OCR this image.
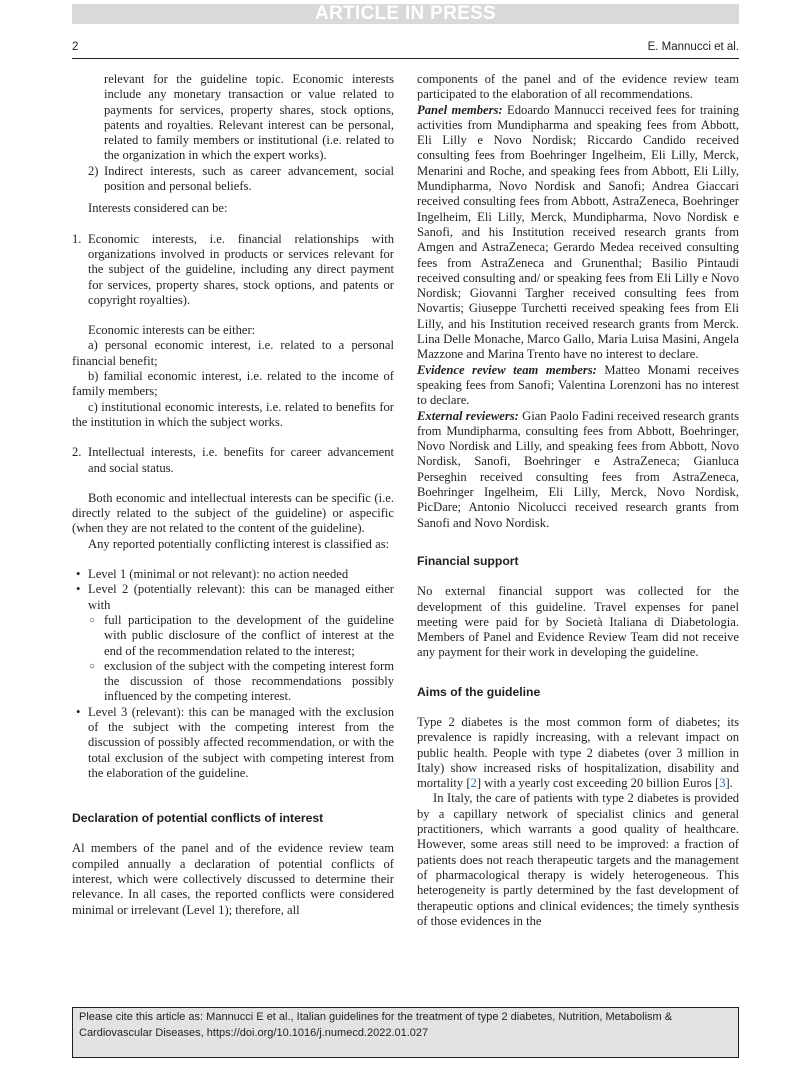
ARTICLE IN PRESS
2	E. Mannucci et al.

relevant for the guideline topic. Economic interests include any monetary transaction or value related to payments for services, property shares, stock options, patents and royalties. Relevant interest can be personal, related to family members or institutional (i.e. related to the organization in which the expert works).

2) Indirect interests, such as career advancement, social position and personal beliefs.

Interests considered can be:

1. Economic interests, i.e. financial relationships with organizations involved in products or services relevant for the subject of the guideline, including any direct payment for services, property shares, stock options, and patents or copyright royalties).

Economic interests can be either:

a) personal economic interest, i.e. related to a personal financial benefit;

b) familial economic interest, i.e. related to the income of family members;

c) institutional economic interests, i.e. related to benefits for the institution in which the subject works.

2. Intellectual interests, i.e. benefits for career advancement and social status.

Both economic and intellectual interests can be specific (i.e. directly related to the subject of the guideline) or aspecific (when they are not related to the content of the guideline).

Any reported potentially conflicting interest is classified as:

• Level 1 (minimal or not relevant): no action needed

• Level 2 (potentially relevant): this can be managed either with

○ full participation to the development of the guideline with public disclosure of the conflict of interest at the end of the recommendation related to the interest;

○ exclusion of the subject with the competing interest form the discussion of those recommendations possibly influenced by the competing interest.

• Level 3 (relevant): this can be managed with the exclusion of the subject with the competing interest from the discussion of possibly affected recommendation, or with the total exclusion of the subject with competing interest from the elaboration of the guideline.

Declaration of potential conflicts of interest

Al members of the panel and of the evidence review team compiled annually a declaration of potential conflicts of interest, which were collectively discussed to determine their relevance. In all cases, the reported conflicts were considered minimal or irrelevant (Level 1); therefore, all

components of the panel and of the evidence review team participated to the elaboration of all recommendations.

Panel members: Edoardo Mannucci received fees for training activities from Mundipharma and speaking fees from Abbott, Eli Lilly e Novo Nordisk; Riccardo Candido received consulting fees from Boehringer Ingelheim, Eli Lilly, Merck, Menarini and Roche, and speaking fees from Abbott, Eli Lilly, Mundipharma, Novo Nordisk and Sanofi; Andrea Giaccari received consulting fees from Abbott, AstraZeneca, Boehringer Ingelheim, Eli Lilly, Merck, Mundipharma, Novo Nordisk e Sanofi, and his Institution received research grants from Amgen and AstraZeneca; Gerardo Medea received consulting fees from AstraZeneca and Grunenthal; Basilio Pintaudi received consulting and/ or speaking fees from Eli Lilly e Novo Nordisk; Giovanni Targher received consulting fees from Novartis; Giuseppe Turchetti received speaking fees from Eli Lilly, and his Institution received research grants from Merck. Lina Delle Monache, Marco Gallo, Maria Luisa Masini, Angela Mazzone and Marina Trento have no interest to declare.

Evidence review team members: Matteo Monami receives speaking fees from Sanofi; Valentina Lorenzoni has no interest to declare.

External reviewers: Gian Paolo Fadini received research grants from Mundipharma, consulting fees from Abbott, Boehringer, Novo Nordisk and Lilly, and speaking fees from Abbott, Novo Nordisk, Sanofi, Boehringer e AstraZeneca; Gianluca Perseghin received consulting fees from AstraZeneca, Boehringer Ingelheim, Eli Lilly, Merck, Novo Nordisk, PicDare; Antonio Nicolucci received research grants from Sanofi and Novo Nordisk.

Financial support

No external financial support was collected for the development of this guideline. Travel expenses for panel meeting were paid for by Società Italiana di Diabetologia. Members of Panel and Evidence Review Team did not receive any payment for their work in developing the guideline.

Aims of the guideline

Type 2 diabetes is the most common form of diabetes; its prevalence is rapidly increasing, with a relevant impact on public health. People with type 2 diabetes (over 3 million in Italy) show increased risks of hospitalization, disability and mortality [2] with a yearly cost exceeding 20 billion Euros [3].

In Italy, the care of patients with type 2 diabetes is provided by a capillary network of specialist clinics and general practitioners, which warrants a good quality of healthcare. However, some areas still need to be improved: a fraction of patients does not reach therapeutic targets and the management of pharmacological therapy is widely heterogeneous. This heterogeneity is partly determined by the fast development of therapeutic options and clinical evidences; the timely synthesis of those evidences in the

Please cite this article as: Mannucci E et al., Italian guidelines for the treatment of type 2 diabetes, Nutrition, Metabolism & Cardiovascular Diseases, https://doi.org/10.1016/j.numecd.2022.01.027
